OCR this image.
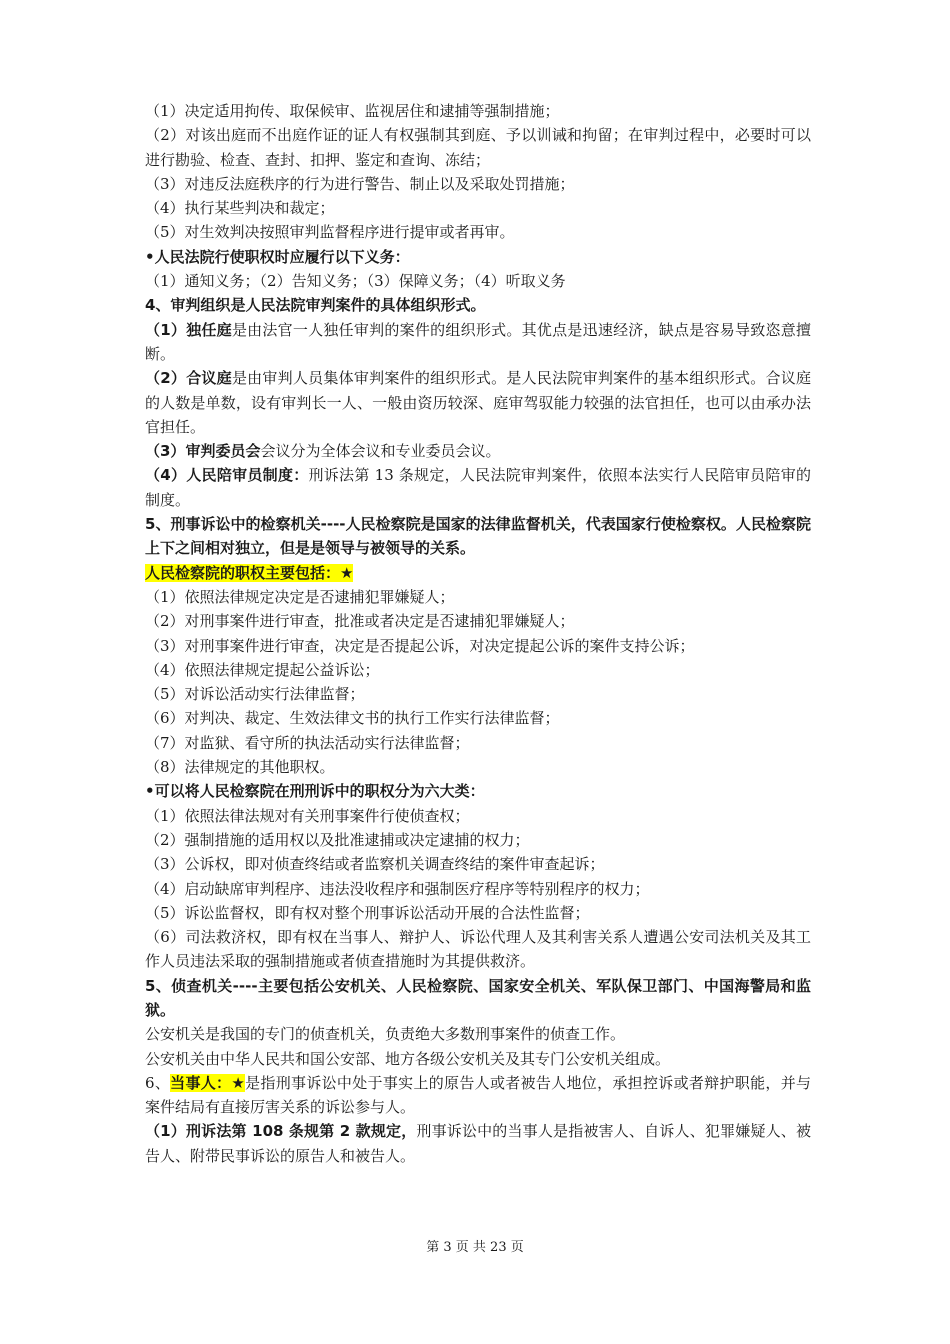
（1）决定适用拘传、取保候审、监视居住和逮捕等强制措施；

（2）对该出庭而不出庭作证的证人有权强制其到庭、予以训诫和拘留；在审判过程中，必要时可以进行勘验、检查、查封、扣押、鉴定和查询、冻结；

（3）对违反法庭秩序的行为进行警告、制止以及采取处罚措施；

（4）执行某些判决和裁定；

（5）对生效判决按照审判监督程序进行提审或者再审。

•人民法院行使职权时应履行以下义务：

（1）通知义务；（2）告知义务；（3）保障义务；（4）听取义务

4、审判组织是人民法院审判案件的具体组织形式。

（1）独任庭是由法官一人独任审判的案件的组织形式。其优点是迅速经济，缺点是容易导致恣意擅断。

（2）合议庭是由审判人员集体审判案件的组织形式。是人民法院审判案件的基本组织形式。合议庭的人数是单数，设有审判长一人、一般由资历较深、庭审驾驭能力较强的法官担任，也可以由承办法官担任。

（3）审判委员会会议分为全体会议和专业委员会议。

（4）人民陪审员制度：刑诉法第 13 条规定，人民法院审判案件，依照本法实行人民陪审员陪审的制度。

5、刑事诉讼中的检察机关----人民检察院是国家的法律监督机关，代表国家行使检察权。人民检察院上下之间相对独立，但是是领导与被领导的关系。

人民检察院的职权主要包括：★

（1）依照法律规定决定是否逮捕犯罪嫌疑人；

（2）对刑事案件进行审查，批准或者决定是否逮捕犯罪嫌疑人；

（3）对刑事案件进行审查，决定是否提起公诉，对决定提起公诉的案件支持公诉；

（4）依照法律规定提起公益诉讼；

（5）对诉讼活动实行法律监督；

（6）对判决、裁定、生效法律文书的执行工作实行法律监督；

（7）对监狱、看守所的执法活动实行法律监督；

（8）法律规定的其他职权。

•可以将人民检察院在刑刑诉中的职权分为六大类：

（1）依照法律法规对有关刑事案件行使侦查权；

（2）强制措施的适用权以及批准逮捕或决定逮捕的权力；

（3）公诉权，即对侦查终结或者监察机关调查终结的案件审查起诉；

（4）启动缺席审判程序、违法没收程序和强制医疗程序等特别程序的权力；

（5）诉讼监督权，即有权对整个刑事诉讼活动开展的合法性监督；

（6）司法救济权，即有权在当事人、辩护人、诉讼代理人及其利害关系人遭遇公安司法机关及其工作人员违法采取的强制措施或者侦查措施时为其提供救济。

5、侦查机关----主要包括公安机关、人民检察院、国家安全机关、军队保卫部门、中国海警局和监狱。

公安机关是我国的专门的侦查机关，负责绝大多数刑事案件的侦查工作。

公安机关由中华人民共和国公安部、地方各级公安机关及其专门公安机关组成。

6、当事人：★是指刑事诉讼中处于事实上的原告人或者被告人地位，承担控诉或者辩护职能，并与案件结局有直接厉害关系的诉讼参与人。

（1）刑诉法第 108 条规第 2 款规定，刑事诉讼中的当事人是指被害人、自诉人、犯罪嫌疑人、被告人、附带民事诉讼的原告人和被告人。

第 3 页 共 23 页
